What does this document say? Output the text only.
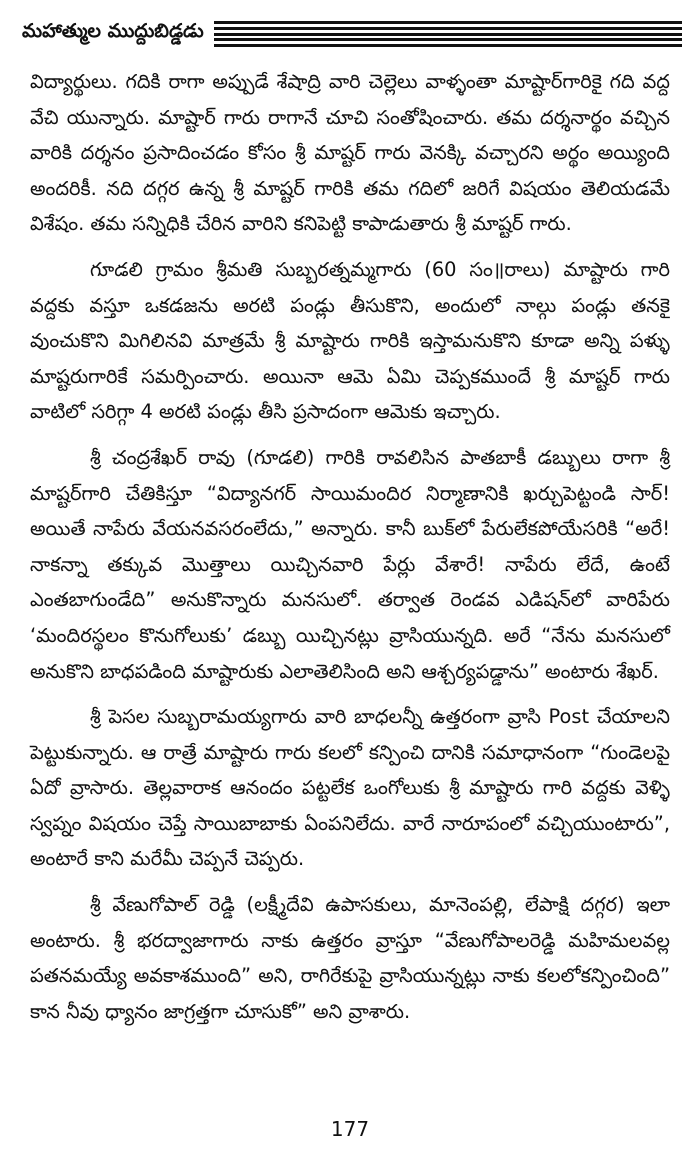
మహాత్ముల ముద్దుబిడ్డడు

విద్యార్థులు. గదికి రాగా అప్పుడే శేషాద్రి వారి చెల్లెలు వాళ్ళంతా మాష్టార్‌గారికై గది వద్ద వేచి యున్నారు. మాష్టార్ గారు రాగానే చూచి సంతోషించారు. తమ దర్శనార్థం వచ్చిన వారికి దర్శనం ప్రసాదించడం కోసం శ్రీ మాష్టర్ గారు వెనక్కి వచ్చారని అర్థం అయ్యింది అందరికీ. నది దగ్గర ఉన్న శ్రీ మాష్టర్ గారికి తమ గదిలో జరిగే విషయం తెలియడమే విశేషం. తమ సన్నిధికి చేరిన వారిని కనిపెట్టి కాపాడుతారు శ్రీ మాష్టర్ గారు.

గూడలి గ్రామం శ్రీమతి సుబ్బరత్నమ్మగారు (60 సం॥రాలు) మాష్టారు గారి వద్దకు వస్తూ ఒకడజను అరటి పండ్లు తీసుకొని, అందులో నాల్గు పండ్లు తనకై వుంచుకొని మిగిలినవి మాత్రమే శ్రీ మాష్టారు గారికి ఇస్తామనుకొని కూడా అన్ని పళ్ళు మాష్టరుగారికే సమర్పించారు. అయినా ఆమె ఏమి చెప్పకముందే శ్రీ మాష్టర్ గారు వాటిలో సరిగ్గా 4 అరటి పండ్లు తీసి ప్రసాదంగా ఆమెకు ఇచ్చారు.

శ్రీ చంద్రశేఖర్ రావు (గూడలి) గారికి రావలిసిన పాతబాకీ డబ్బులు రాగా శ్రీ మాష్టర్‌గారి చేతికిస్తూ “విద్యానగర్ సాయిమందిర నిర్మాణానికి ఖర్చుపెట్టండి సార్! అయితే నాపేరు వేయనవసరంలేదు,” అన్నారు. కానీ బుక్‌లో పేరులేకపోయేసరికి “అరే! నాకన్నా తక్కువ మొత్తాలు యిచ్చినవారి పేర్లు వేశారే! నాపేరు లేదే, ఉంటే ఎంతబాగుండేది” అనుకొన్నారు మనసులో. తర్వాత రెండవ ఎడిషన్‌లో వారిపేరు ‘మందిరస్థలం కొనుగోలుకు’ డబ్బు యిచ్చినట్లు వ్రాసియున్నది. అరే “నేను మనసులో అనుకొని బాధపడింది మాష్టారుకు ఎలాతెలిసింది అని ఆశ్చర్యపడ్డాను” అంటారు శేఖర్.

శ్రీ పెసల సుబ్బరామయ్యగారు వారి బాధలన్నీ ఉత్తరంగా వ్రాసి Post చేయాలని పెట్టుకున్నారు. ఆ రాత్రే మాష్టారు గారు కలలో కన్పించి దానికి సమాధానంగా “గుండెలపై ఏదో వ్రాసారు. తెల్లవారాక ఆనందం పట్టలేక ఒంగోలుకు శ్రీ మాష్టారు గారి వద్దకు వెళ్ళి స్వప్నం విషయం చెప్తే సాయిబాబాకు ఏంపనిలేదు. వారే నారూపంలో వచ్చియుంటారు”, అంటారే కాని మరేమీ చెప్పనే చెప్పరు.

శ్రీ వేణుగోపాల్ రెడ్డి (లక్ష్మీదేవి ఉపాసకులు, మానెంపల్లి, లేపాక్షి దగ్గర) ఇలా అంటారు. శ్రీ భరద్వాజాగారు నాకు ఉత్తరం వ్రాస్తూ “వేణుగోపాలరెడ్డి మహిమలవల్ల పతనమయ్యే అవకాశముంది” అని, రాగిరేకుపై వ్రాసియున్నట్లు నాకు కలలోకన్పించింది” కాన నీవు ధ్యానం జాగ్రత్తగా చూసుకో” అని వ్రాశారు.

177
